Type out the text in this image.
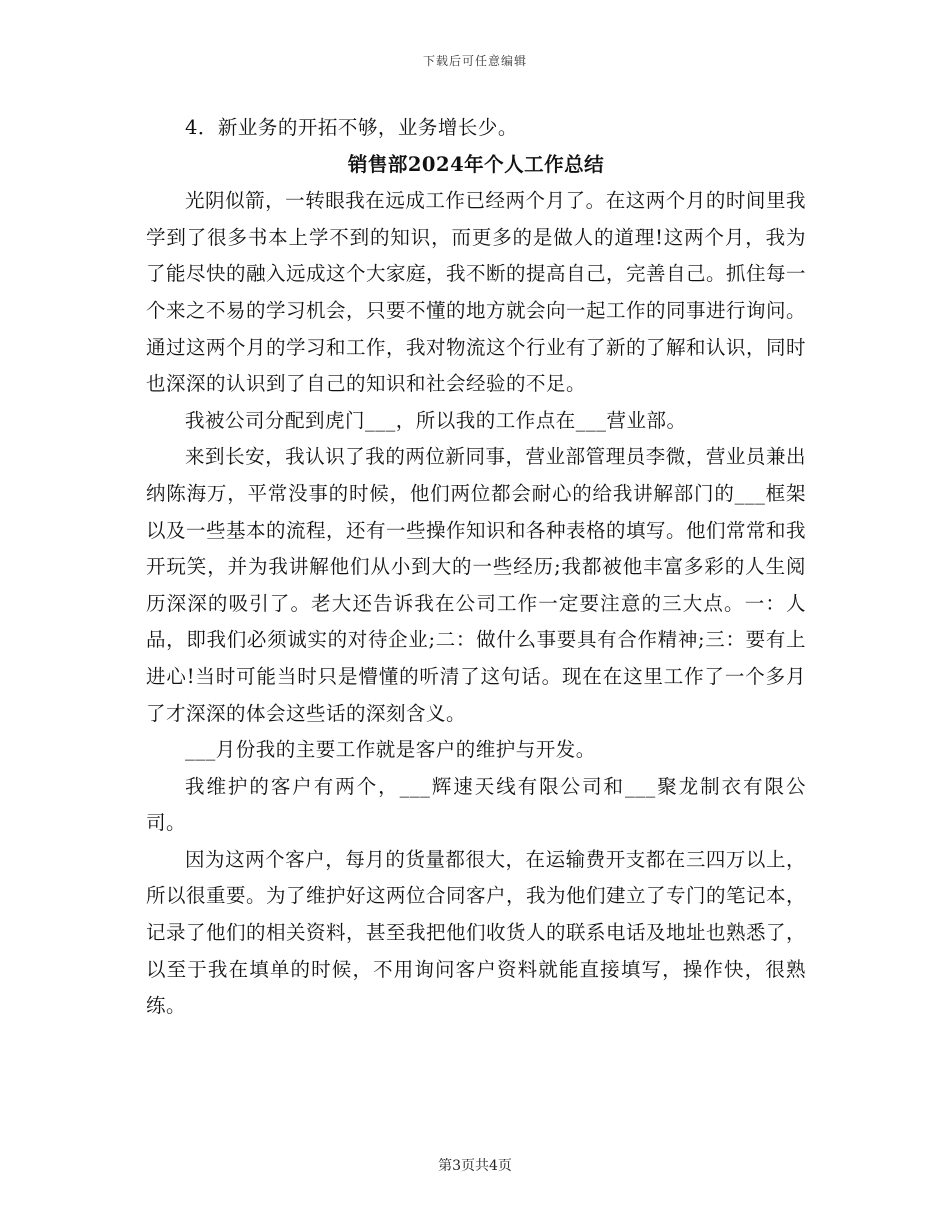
下载后可任意编辑

4．新业务的开拓不够，业务增长少。

销售部2024年个人工作总结

光阴似箭，一转眼我在远成工作已经两个月了。在这两个月的时间里我学到了很多书本上学不到的知识，而更多的是做人的道理!这两个月，我为了能尽快的融入远成这个大家庭，我不断的提高自己，完善自己。抓住每一个来之不易的学习机会，只要不懂的地方就会向一起工作的同事进行询问。通过这两个月的学习和工作，我对物流这个行业有了新的了解和认识，同时也深深的认识到了自己的知识和社会经验的不足。

我被公司分配到虎门___，所以我的工作点在___营业部。

来到长安，我认识了我的两位新同事，营业部管理员李微，营业员兼出纳陈海万，平常没事的时候，他们两位都会耐心的给我讲解部门的___框架以及一些基本的流程，还有一些操作知识和各种表格的填写。他们常常和我开玩笑，并为我讲解他们从小到大的一些经历;我都被他丰富多彩的人生阅历深深的吸引了。老大还告诉我在公司工作一定要注意的三大点。一：人品，即我们必须诚实的对待企业;二：做什么事要具有合作精神;三：要有上进心!当时可能当时只是懵懂的听清了这句话。现在在这里工作了一个多月了才深深的体会这些话的深刻含义。

___月份我的主要工作就是客户的维护与开发。

我维护的客户有两个，___辉速天线有限公司和___聚龙制衣有限公司。

因为这两个客户，每月的货量都很大，在运输费开支都在三四万以上，所以很重要。为了维护好这两位合同客户，我为他们建立了专门的笔记本，记录了他们的相关资料，甚至我把他们收货人的联系电话及地址也熟悉了，以至于我在填单的时候，不用询问客户资料就能直接填写，操作快，很熟练。

第3页共4页
